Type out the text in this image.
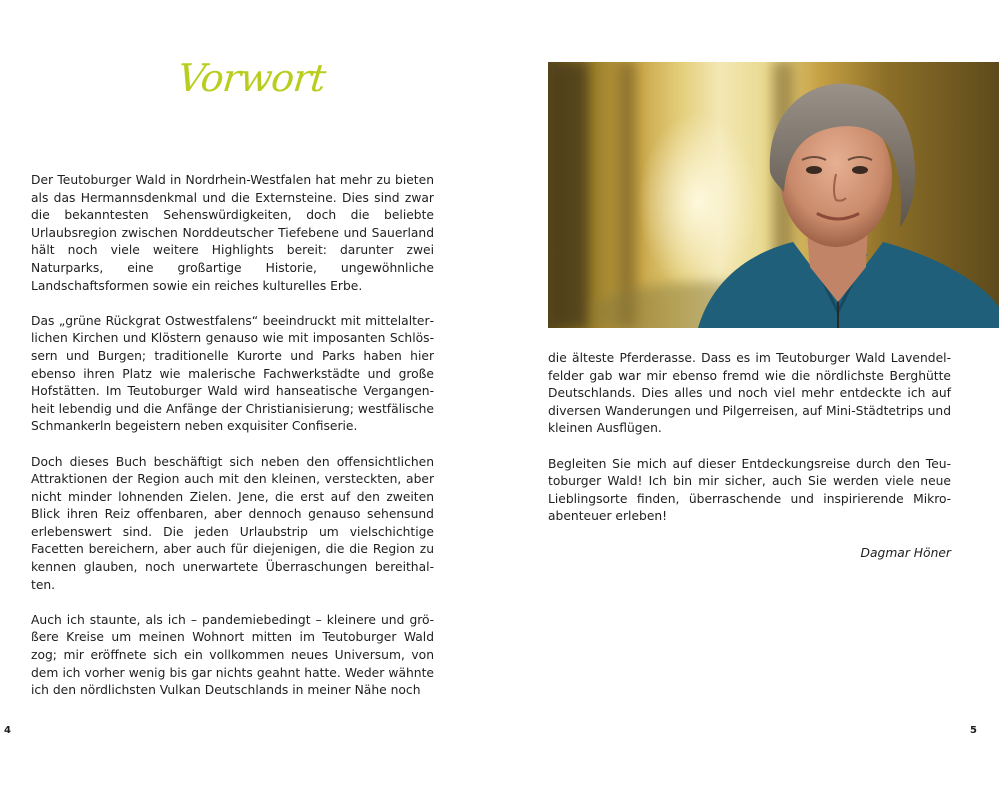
Vorwort

Der Teutoburger Wald in Nordrhein-Westfalen hat mehr zu bieten als das Hermannsdenkmal und die Externsteine. Dies sind zwar die bekanntesten Sehenswürdigkeiten, doch die beliebte Urlaubsregion zwischen Norddeutscher Tiefebene und Sauerland hält noch viele weitere Highlights bereit: darunter zwei Naturparks, eine großartige Historie, ungewöhnliche Landschaftsformen sowie ein reiches kulturelles Erbe.

Das „grüne Rückgrat Ostwestfalens“ beeindruckt mit mittelalterlichen Kirchen und Klöstern genauso wie mit imposanten Schlössern und Burgen; traditionelle Kurorte und Parks haben hier ebenso ihren Platz wie malerische Fachwerkstädte und große Hofstätten. Im Teutoburger Wald wird hanseatische Vergangenheit lebendig und die Anfänge der Christianisierung; westfälische Schmankerln begeistern neben exquisiter Confiserie.

Doch dieses Buch beschäftigt sich neben den offensichtlichen Attraktionen der Region auch mit den kleinen, versteckten, aber nicht minder lohnenden Zielen. Jene, die erst auf den zweiten Blick ihren Reiz offenbaren, aber dennoch genauso sehensund erlebenswert sind. Die jeden Urlaubstrip um vielschichtige Facetten bereichern, aber auch für diejenigen, die die Region zu kennen glauben, noch unerwartete Überraschungen bereithalten.

Auch ich staunte, als ich – pandemiebedingt – kleinere und größere Kreise um meinen Wohnort mitten im Teutoburger Wald zog; mir eröffnete sich ein vollkommen neues Universum, von dem ich vorher wenig bis gar nichts geahnt hatte. Weder wähnte ich den nördlichsten Vulkan Deutschlands in meiner Nähe noch

4

die älteste Pferderasse. Dass es im Teutoburger Wald Lavendelfelder gab war mir ebenso fremd wie die nördlichste Berghütte Deutschlands. Dies alles und noch viel mehr entdeckte ich auf diversen Wanderungen und Pilgerreisen, auf Mini-Städtetrips und kleinen Ausflügen.

Begleiten Sie mich auf dieser Entdeckungsreise durch den Teutoburger Wald! Ich bin mir sicher, auch Sie werden viele neue Lieblingsorte finden, überraschende und inspirierende Mikroabenteuer erleben!

Dagmar Höner
5
